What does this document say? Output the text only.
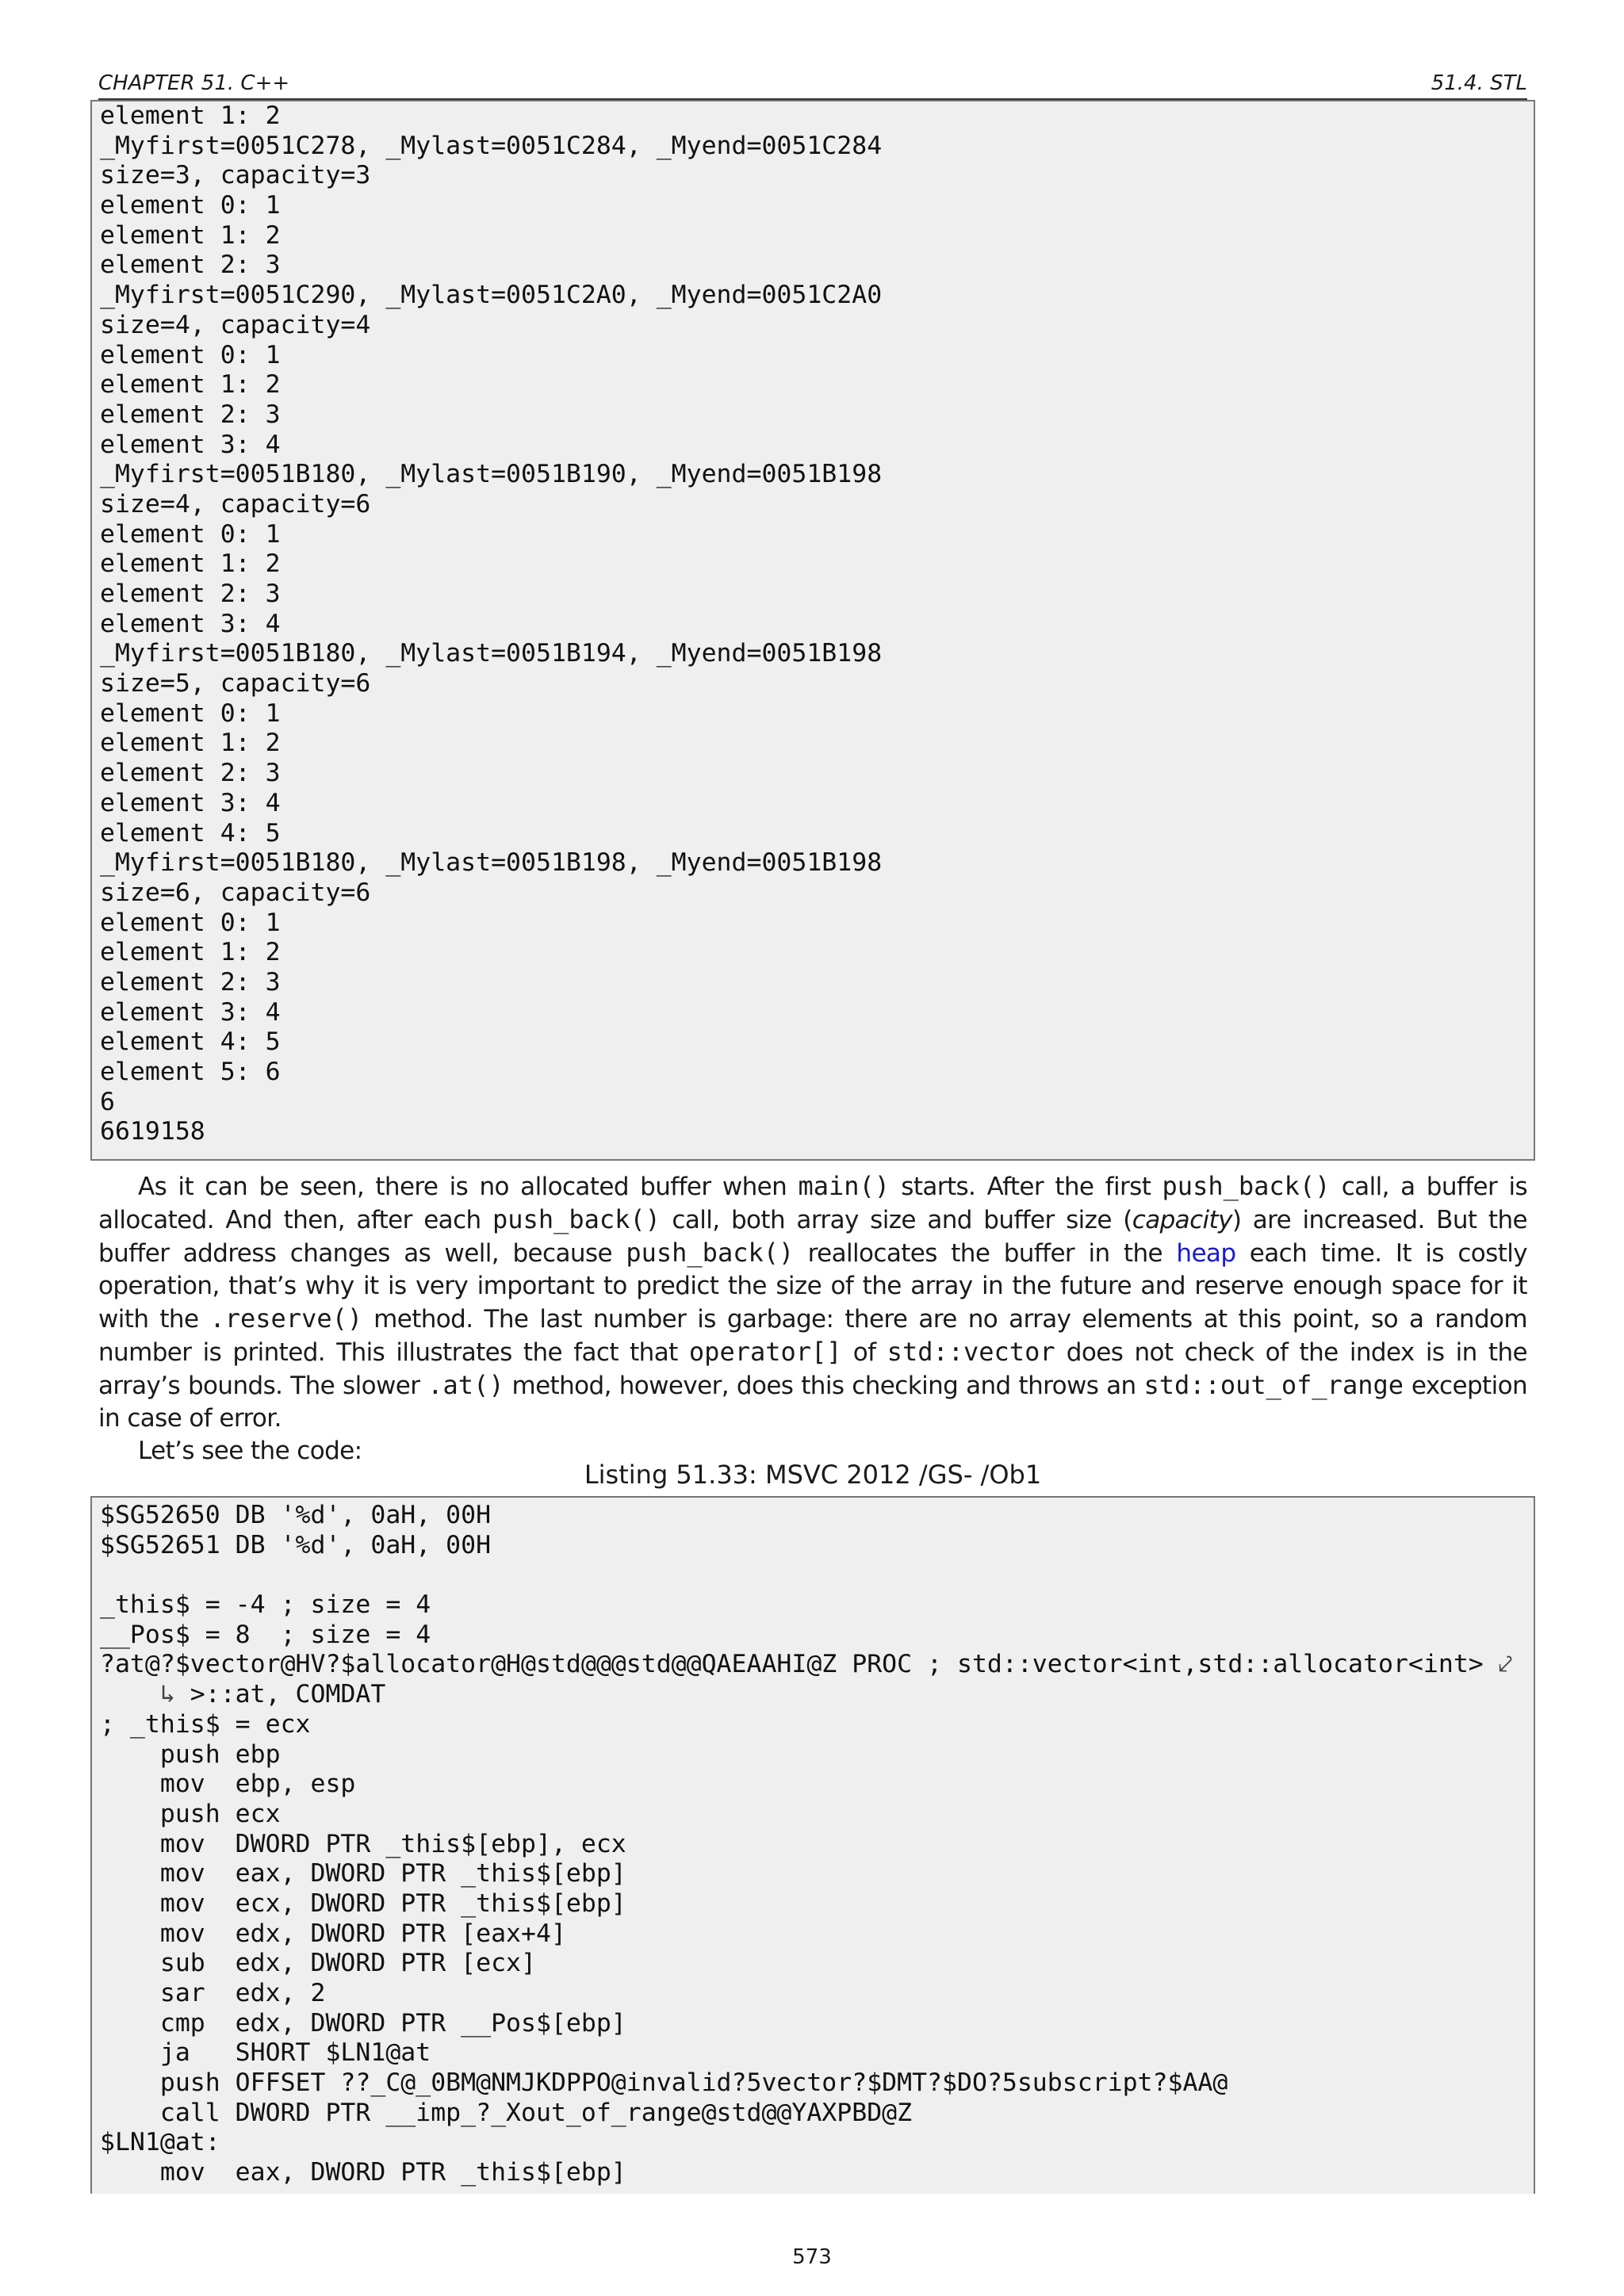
CHAPTER 51. C++	51.4. STL
element 1: 2
_Myfirst=0051C278, _Mylast=0051C284, _Myend=0051C284
size=3, capacity=3
element 0: 1
element 1: 2
element 2: 3
_Myfirst=0051C290, _Mylast=0051C2A0, _Myend=0051C2A0
size=4, capacity=4
element 0: 1
element 1: 2
element 2: 3
element 3: 4
_Myfirst=0051B180, _Mylast=0051B190, _Myend=0051B198
size=4, capacity=6
element 0: 1
element 1: 2
element 2: 3
element 3: 4
_Myfirst=0051B180, _Mylast=0051B194, _Myend=0051B198
size=5, capacity=6
element 0: 1
element 1: 2
element 2: 3
element 3: 4
element 4: 5
_Myfirst=0051B180, _Mylast=0051B198, _Myend=0051B198
size=6, capacity=6
element 0: 1
element 1: 2
element 2: 3
element 3: 4
element 4: 5
element 5: 6
6
6619158

As it can be seen, there is no allocated buffer when main() starts. After the first push_back() call, a buffer is allocated. And then, after each push_back() call, both array size and buffer size (capacity) are increased. But the buffer address changes as well, because push_back() reallocates the buffer in the heap each time. It is costly operation, that’s why it is very important to predict the size of the array in the future and reserve enough space for it with the .reserve() method. The last number is garbage: there are no array elements at this point, so a random number is printed. This illustrates the fact that operator[] of std::vector does not check of the index is in the array’s bounds. The slower .at() method, however, does this checking and throws an std::out_of_range exception in case of error.

Let’s see the code:

Listing 51.33: MSVC 2012 /GS- /Ob1
$SG52650 DB '%d', 0aH, 00H
$SG52651 DB '%d', 0aH, 00H
_this$ = -4 ; size = 4
__Pos$ = 8  ; size = 4
?at@?$vector@HV?$allocator@H@std@@@std@@QAEAAHI@Z PROC ; std::vector<int,std::allocator<int> ⤦
↳ >::at, COMDAT
; _this$ = ecx
push ebp
mov  ebp, esp
push ecx
mov  DWORD PTR _this$[ebp], ecx
mov  eax, DWORD PTR _this$[ebp]
mov  ecx, DWORD PTR _this$[ebp]
mov  edx, DWORD PTR [eax+4]
sub  edx, DWORD PTR [ecx]
sar  edx, 2
cmp  edx, DWORD PTR __Pos$[ebp]
ja   SHORT $LN1@at
push OFFSET ??_C@_0BM@NMJKDPPO@invalid?5vector?$DMT?$DO?5subscript?$AA@
call DWORD PTR __imp_?_Xout_of_range@std@@YAXPBD@Z
$LN1@at:
mov  eax, DWORD PTR _this$[ebp]
573
